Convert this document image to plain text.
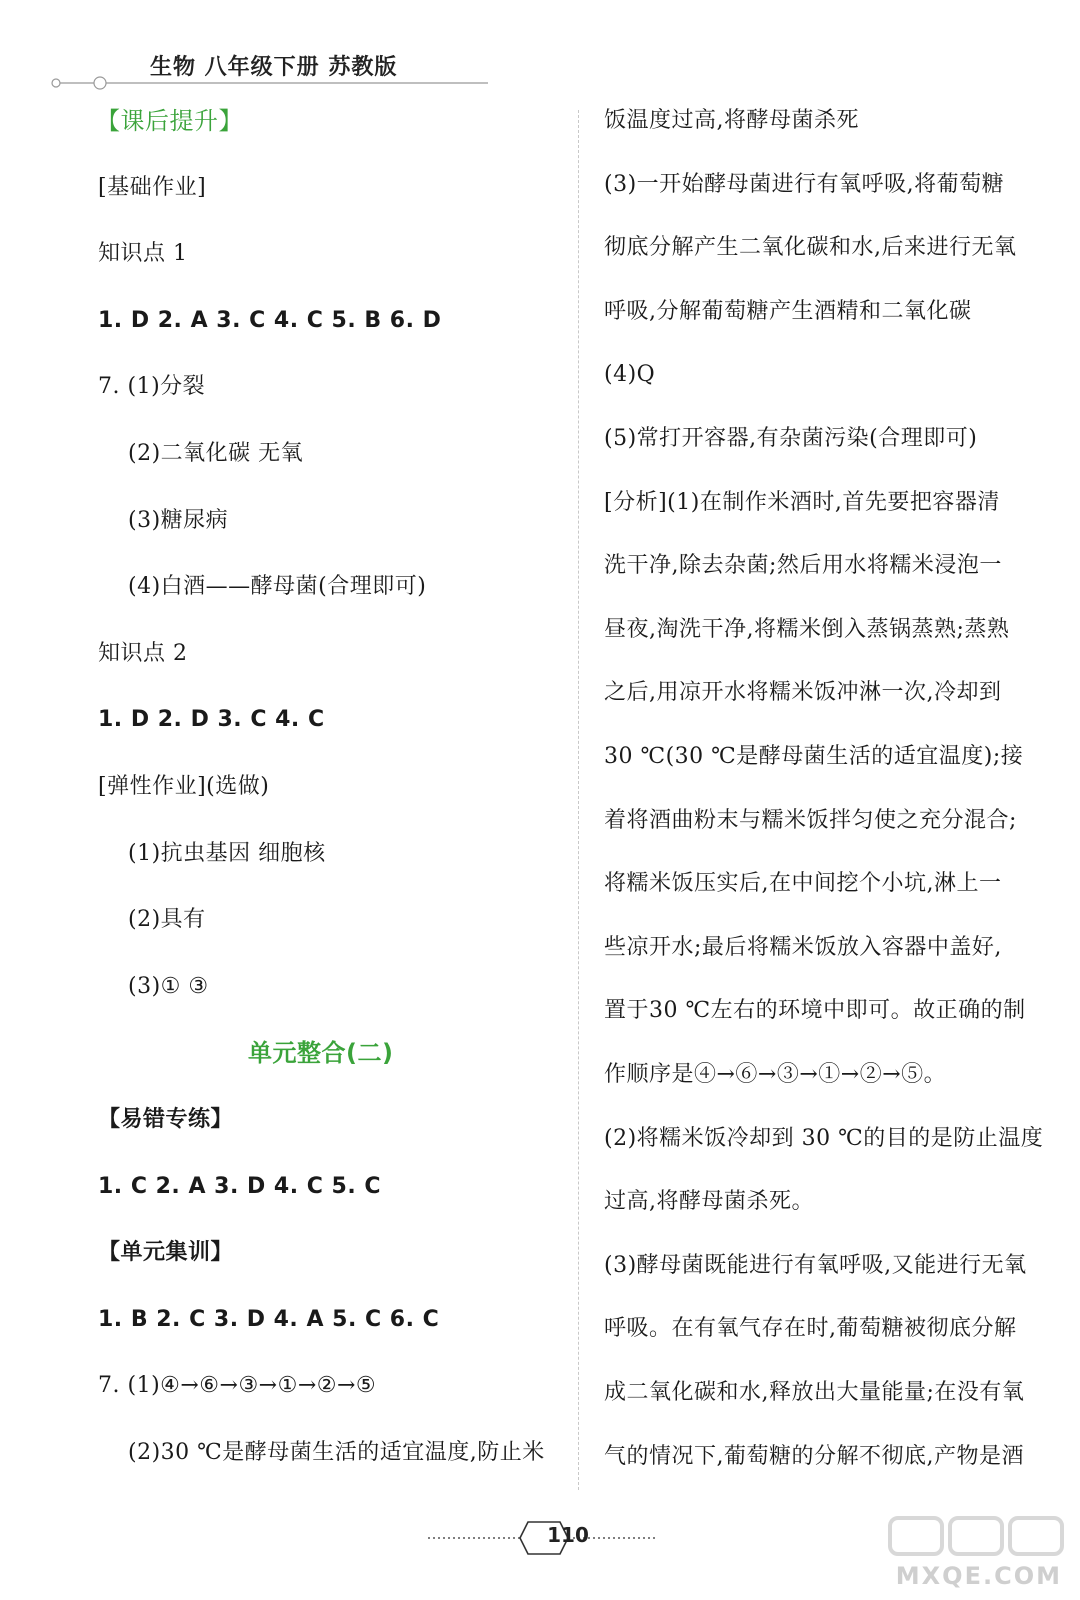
生物 八年级下册 苏教版
【课后提升】
[基础作业]
知识点 1
1. D 2. A 3. C 4. C 5. B 6. D
7. (1)分裂
(2)二氧化碳 无氧
(3)糖尿病
(4)白酒——酵母菌(合理即可)
知识点 2
1. D 2. D 3. C 4. C
[弹性作业](选做)
(1)抗虫基因 细胞核
(2)具有
(3)① ③
单元整合(二)
【易错专练】
1. C 2. A 3. D 4. C 5. C
【单元集训】
1. B 2. C 3. D 4. A 5. C 6. C
7. (1)④→⑥→③→①→②→⑤
(2)30 ℃是酵母菌生活的适宜温度,防止米
饭温度过高,将酵母菌杀死
(3)一开始酵母菌进行有氧呼吸,将葡萄糖
彻底分解产生二氧化碳和水,后来进行无氧
呼吸,分解葡萄糖产生酒精和二氧化碳
(4)Q
(5)常打开容器,有杂菌污染(合理即可)
[分析](1)在制作米酒时,首先要把容器清
洗干净,除去杂菌;然后用水将糯米浸泡一
昼夜,淘洗干净,将糯米倒入蒸锅蒸熟;蒸熟
之后,用凉开水将糯米饭冲淋一次,冷却到
30 ℃(30 ℃是酵母菌生活的适宜温度);接
着将酒曲粉末与糯米饭拌匀使之充分混合;
将糯米饭压实后,在中间挖个小坑,淋上一
些凉开水;最后将糯米饭放入容器中盖好,
置于30 ℃左右的环境中即可。故正确的制
作顺序是④→⑥→③→①→②→⑤。
(2)将糯米饭冷却到 30 ℃的目的是防止温度
过高,将酵母菌杀死。
(3)酵母菌既能进行有氧呼吸,又能进行无氧
呼吸。在有氧气存在时,葡萄糖被彻底分解
成二氧化碳和水,释放出大量能量;在没有氧
气的情况下,葡萄糖的分解不彻底,产物是酒
110
MXQE.COM
